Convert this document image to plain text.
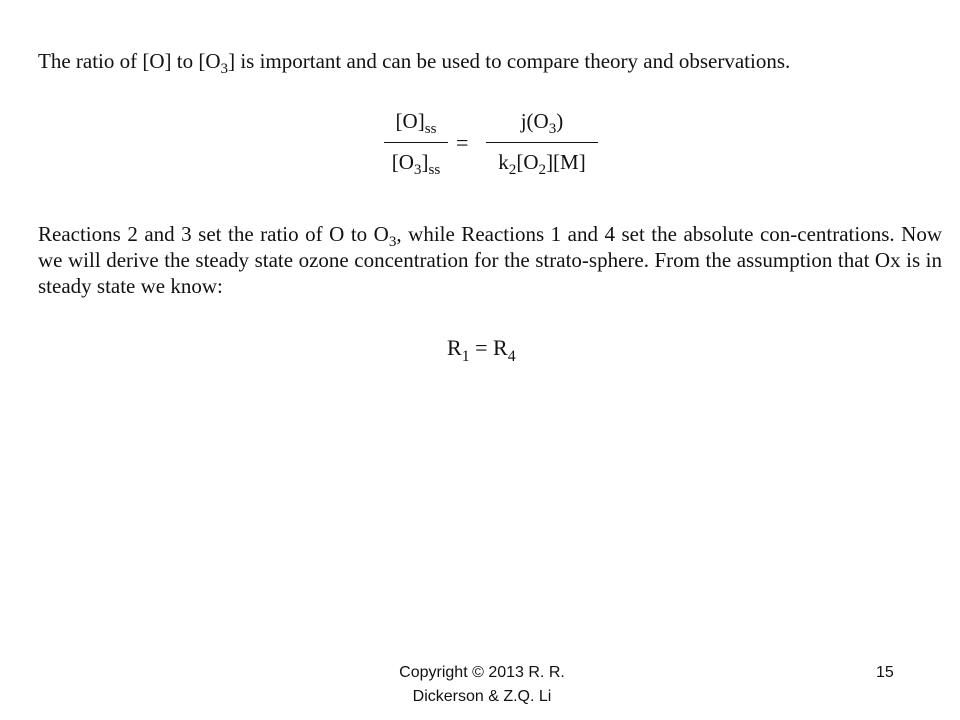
The ratio of [O] to $[O_3]$ is important and can be used to compare theory and observations.

$[O]_{ss}$
$[O_3]_{ss}$
=
$j(O_3)$
$k_2[O_2][M]$

Reactions 2 and 3 set the ratio of O to $O_3$, while Reactions 1 and 4 set the absolute con-centrations. Now we will derive the steady state ozone concentration for the strato-sphere. From the assumption that Ox is in steady state we know:

$R_1 = R_4$
Copyright © 2013 R. R.
Dickerson & Z.Q. Li
15
